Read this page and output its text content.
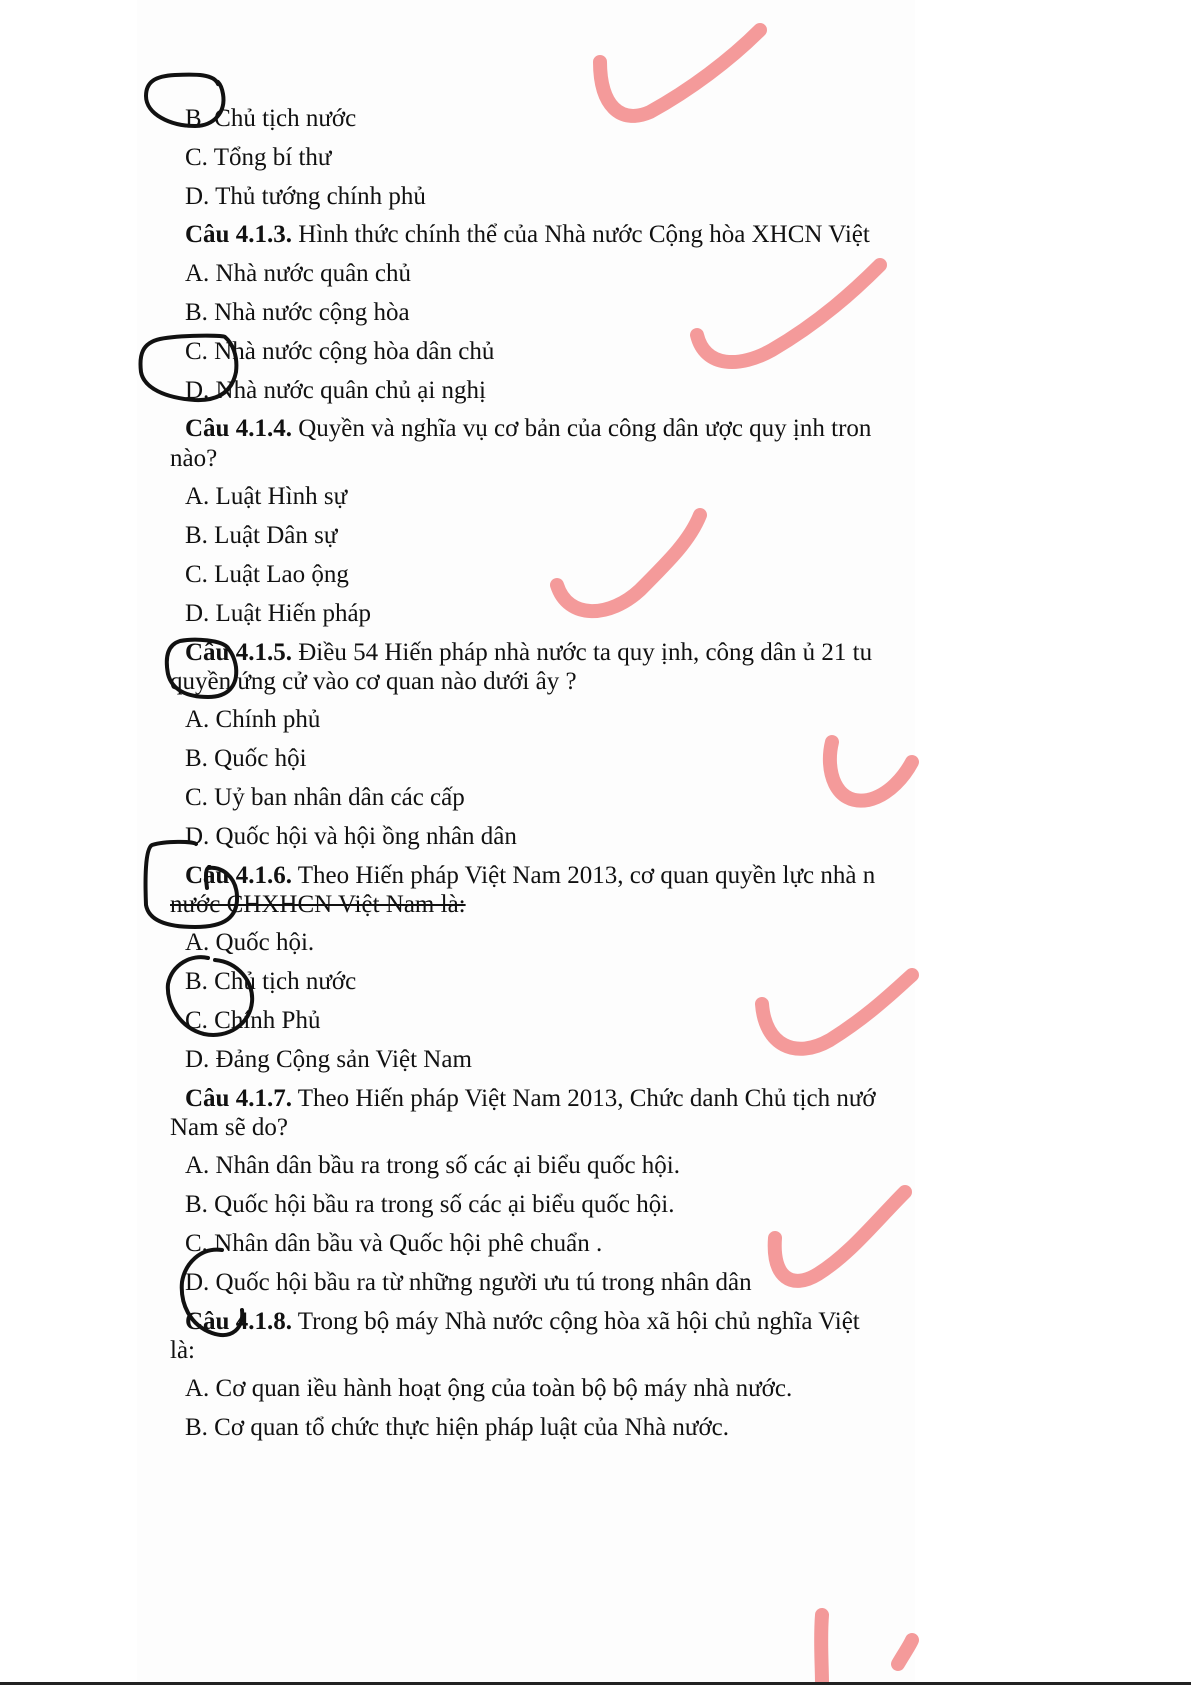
B. Chủ tịch nước
C. Tổng bí thư
D. Thủ tướng chính phủ
Câu 4.1.3. Hình thức chính thể của Nhà nước Cộng hòa XHCN Việt
A. Nhà nước quân chủ
B. Nhà nước cộng hòa
C. Nhà nước cộng hòa dân chủ
D. Nhà nước quân chủ ại nghị
Câu 4.1.4. Quyền và nghĩa vụ cơ bản của công dân ược quy ịnh tron
nào?
A. Luật Hình sự
B. Luật Dân sự
C. Luật Lao ộng
D. Luật Hiến pháp
Câu 4.1.5. Điều 54 Hiến pháp nhà nước ta quy ịnh, công dân ủ 21 tu
quyền ứng cử vào cơ quan nào dưới ây ?
A. Chính phủ
B. Quốc hội
C. Uỷ ban nhân dân các cấp
D. Quốc hội và hội ồng nhân dân
Câu 4.1.6. Theo Hiến pháp Việt Nam 2013, cơ quan quyền lực nhà n
nước CHXHCN Việt Nam là:
A. Quốc hội.
B. Chủ tịch nước
C. Chính Phủ
D. Đảng Cộng sản Việt Nam
Câu 4.1.7. Theo Hiến pháp Việt Nam 2013, Chức danh Chủ tịch nướ
Nam sẽ do?
A. Nhân dân bầu ra trong số các ại biểu quốc hội.
B. Quốc hội bầu ra trong số các ại biểu quốc hội.
C. Nhân dân bầu và Quốc hội phê chuẩn .
D. Quốc hội bầu ra từ những người ưu tú trong nhân dân
Câu 4.1.8. Trong bộ máy Nhà nước cộng hòa xã hội chủ nghĩa Việt
là:
A. Cơ quan iều hành hoạt ộng của toàn bộ bộ máy nhà nước.
B. Cơ quan tổ chức thực hiện pháp luật của Nhà nước.
